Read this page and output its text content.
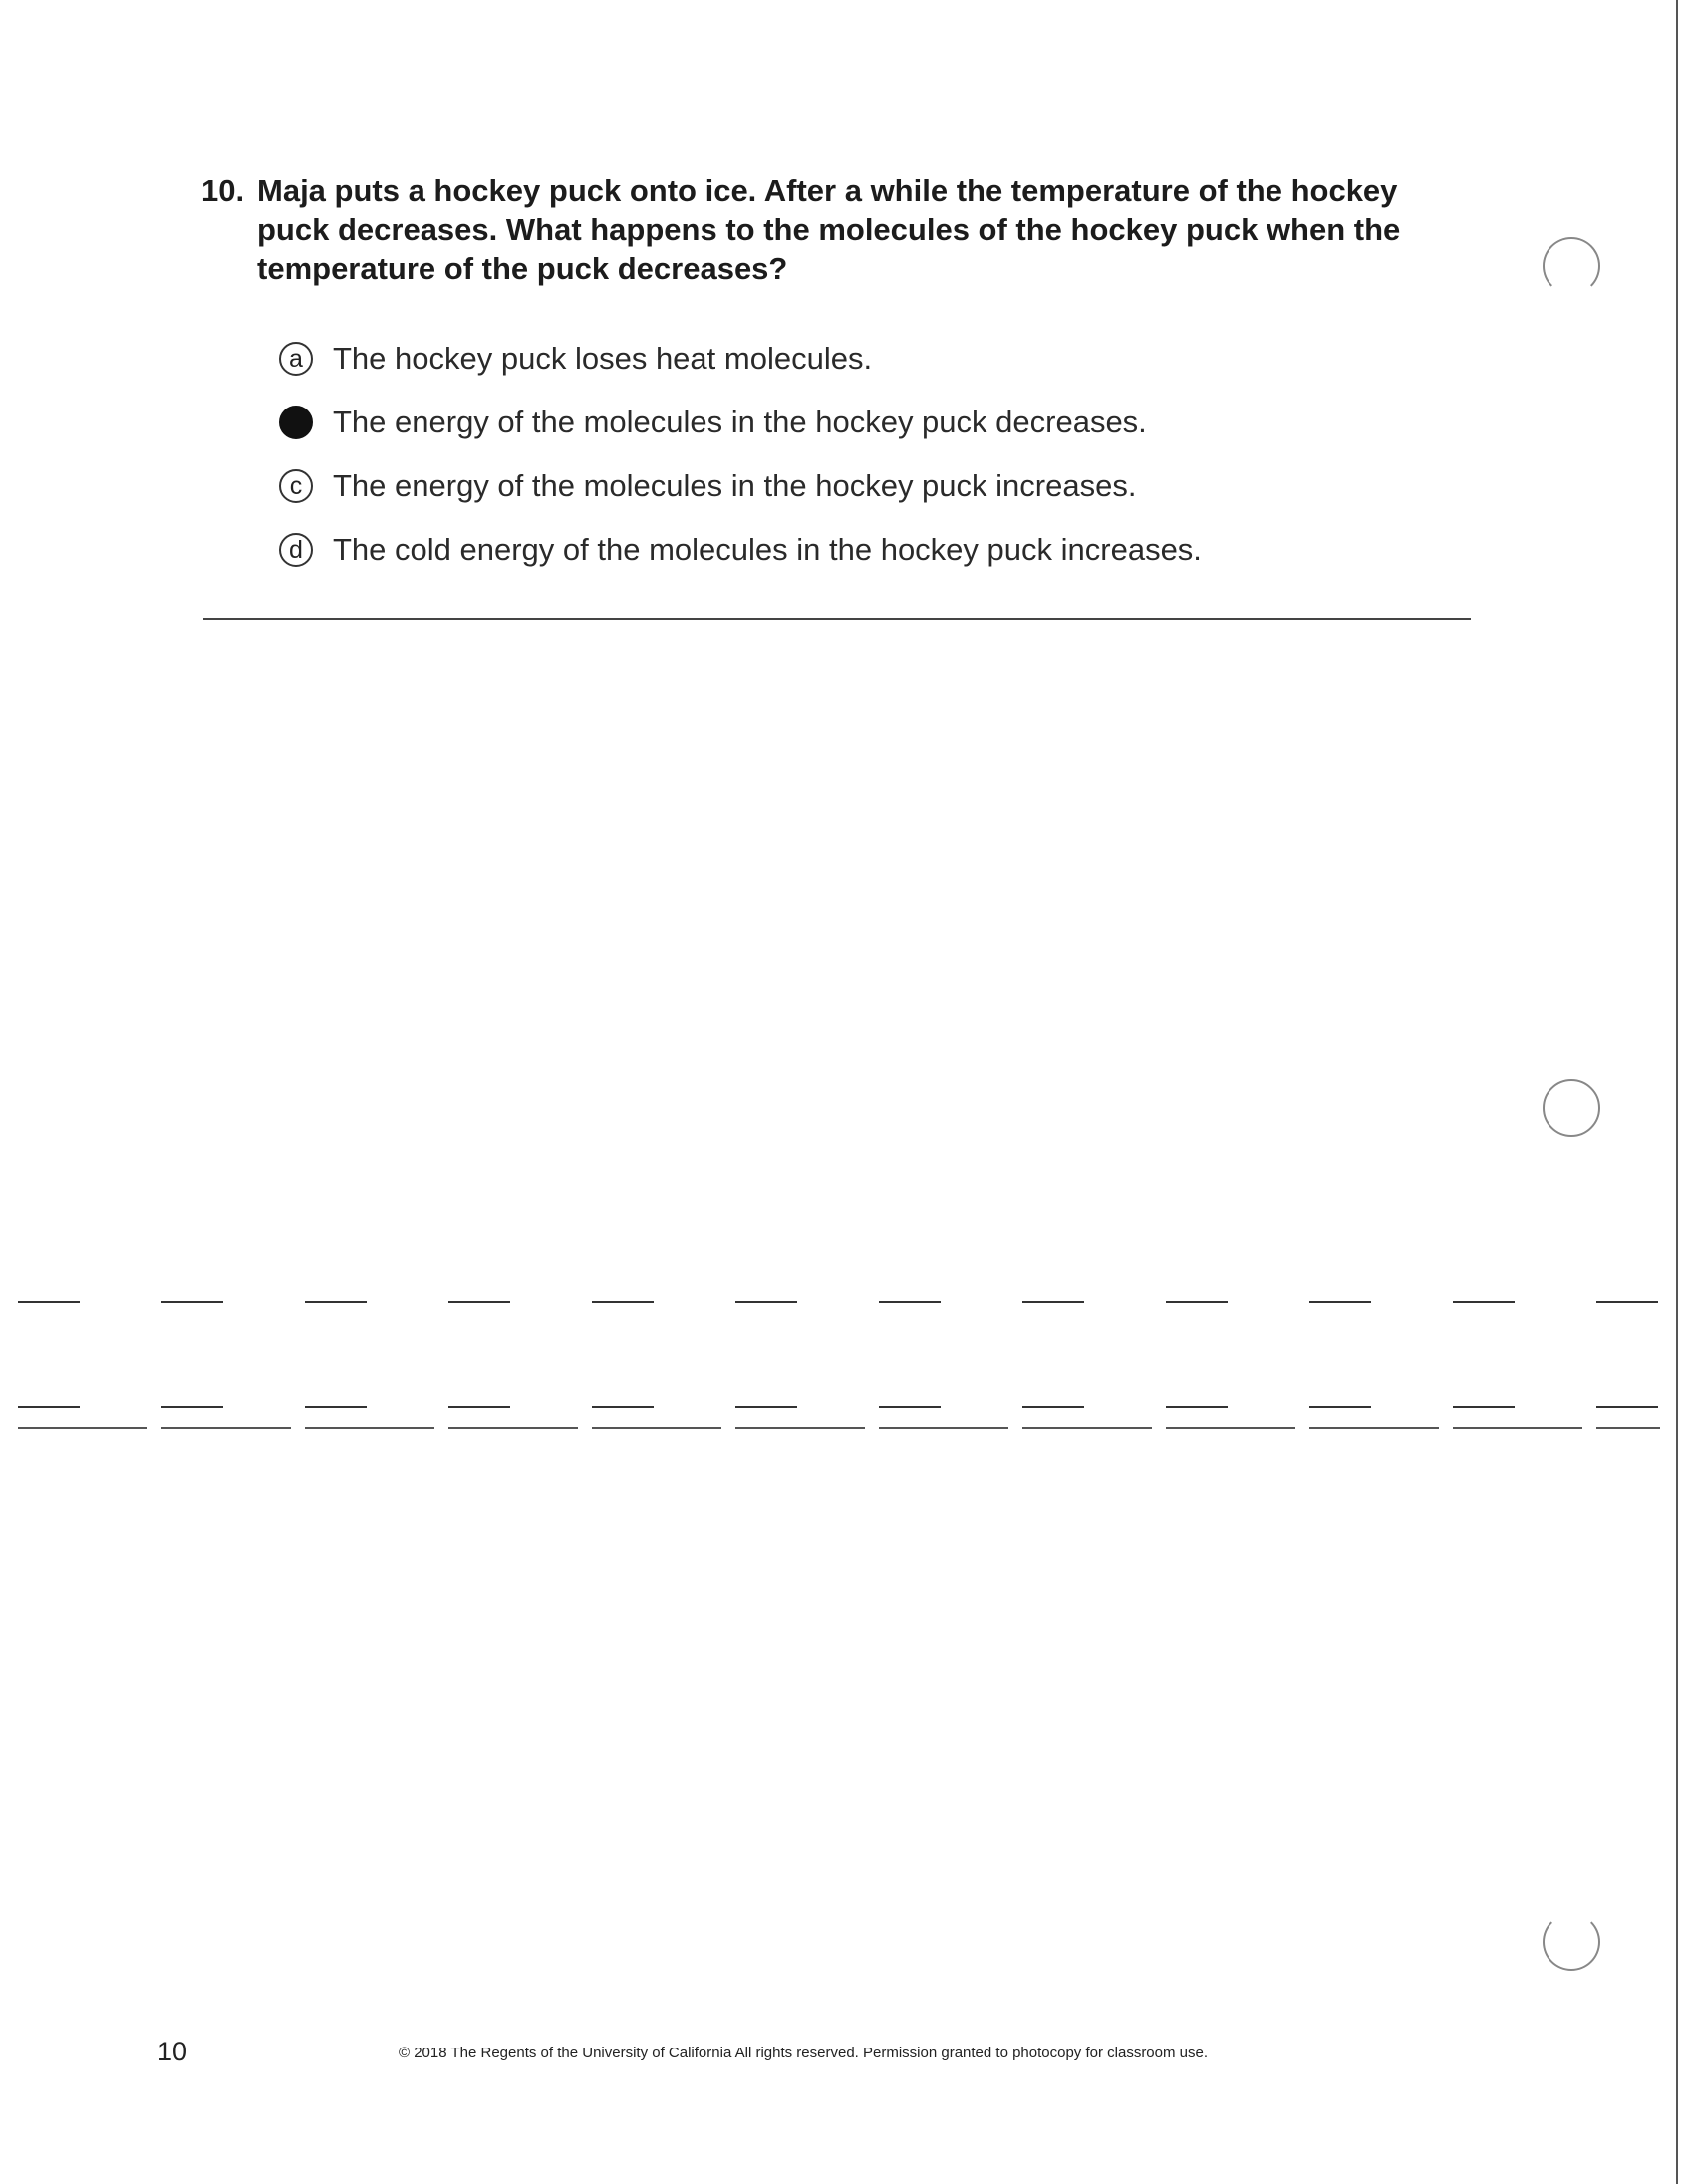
10. Maja puts a hockey puck onto ice. After a while the temperature of the hockey
puck decreases. What happens to the molecules of the hockey puck when the
temperature of the puck decreases?
a The hockey puck loses heat molecules.
The energy of the molecules in the hockey puck decreases.
c The energy of the molecules in the hockey puck increases.
d The cold energy of the molecules in the hockey puck increases.
10	© 2018 The Regents of the University of California All rights reserved. Permission granted to photocopy for classroom use.
